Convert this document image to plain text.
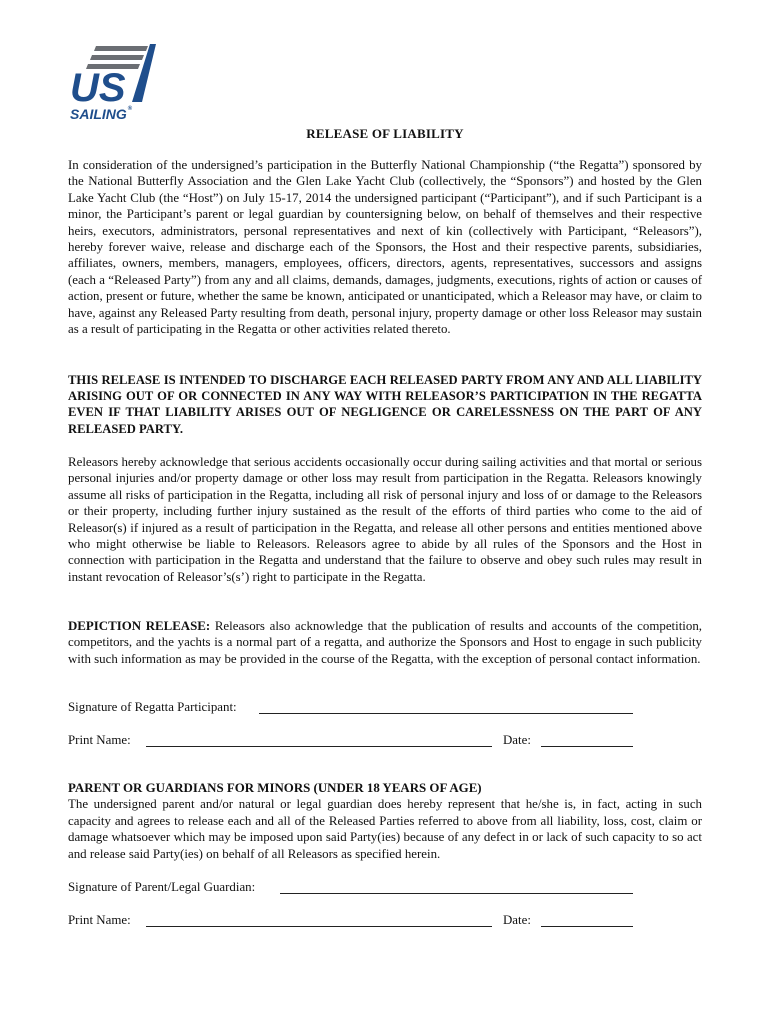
US
SAILING®
RELEASE OF LIABILITY

In consideration of the undersigned’s participation in the Butterfly National Championship (“the Regatta”) sponsored by the National Butterfly Association and the Glen Lake Yacht Club (collectively, the “Sponsors”) and hosted by the Glen Lake Yacht Club (the “Host”) on July 15-17, 2014 the undersigned participant (“Participant”), and if such Participant is a minor, the Participant’s parent or legal guardian by countersigning below, on behalf of themselves and their respective heirs, executors, administrators, personal representatives and next of kin (collectively with Participant, “Releasors”), hereby forever waive, release and discharge each of the Sponsors, the Host and their respective parents, subsidiaries, affiliates, owners, members, managers, employees, officers, directors, agents, representatives, successors and assigns (each a “Released Party”) from any and all claims, demands, damages, judgments, executions, rights of action or causes of action, present or future, whether the same be known, anticipated or unanticipated, which a Releasor may have, or claim to have, against any Released Party resulting from death, personal injury, property damage or other loss Releasor may sustain as a result of participating in the Regatta or other activities related thereto.

THIS RELEASE IS INTENDED TO DISCHARGE EACH RELEASED PARTY FROM ANY AND ALL LIABILITY ARISING OUT OF OR CONNECTED IN ANY WAY WITH RELEASOR’S PARTICIPATION IN THE REGATTA EVEN IF THAT LIABILITY ARISES OUT OF NEGLIGENCE OR CARELESSNESS ON THE PART OF ANY RELEASED PARTY.

Releasors hereby acknowledge that serious accidents occasionally occur during sailing activities and that mortal or serious personal injuries and/or property damage or other loss may result from participation in the Regatta. Releasors knowingly assume all risks of participation in the Regatta, including all risk of personal injury and loss of or damage to the Releasors or their property, including further injury sustained as the result of the efforts of third parties who come to the aid of Releasor(s) if injured as a result of participation in the Regatta, and release all other persons and entities mentioned above who might otherwise be liable to Releasors. Releasors agree to abide by all rules of the Sponsors and the Host in connection with participation in the Regatta and understand that the failure to observe and obey such rules may result in instant revocation of Releasor’s(s’) right to participate in the Regatta.

DEPICTION RELEASE: Releasors also acknowledge that the publication of results and accounts of the competition, competitors, and the yachts is a normal part of a regatta, and authorize the Sponsors and Host to engage in such publicity with such information as may be provided in the course of the Regatta, with the exception of personal contact information.

Signature of Regatta Participant:
Print Name:	Date:

PARENT OR GUARDIANS FOR MINORS (UNDER 18 YEARS OF AGE)
The undersigned parent and/or natural or legal guardian does hereby represent that he/she is, in fact, acting in such capacity and agrees to release each and all of the Released Parties referred to above from all liability, loss, cost, claim or damage whatsoever which may be imposed upon said Party(ies) because of any defect in or lack of such capacity to so act and release said Party(ies) on behalf of all Releasors as specified herein.

Signature of Parent/Legal Guardian:
Print Name:	Date:
